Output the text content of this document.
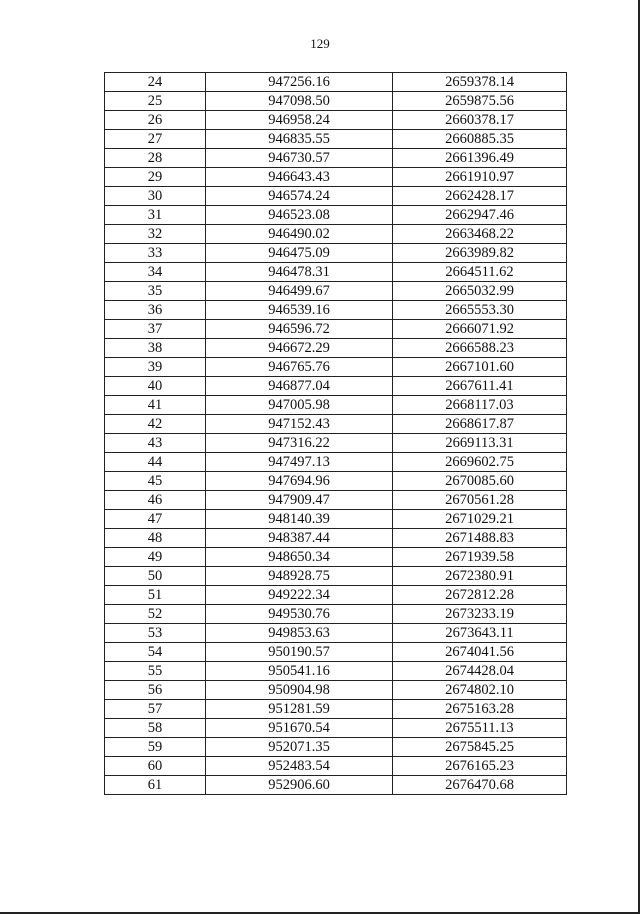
129
24	947256.16	2659378.14
25	947098.50	2659875.56
26	946958.24	2660378.17
27	946835.55	2660885.35
28	946730.57	2661396.49
29	946643.43	2661910.97
30	946574.24	2662428.17
31	946523.08	2662947.46
32	946490.02	2663468.22
33	946475.09	2663989.82
34	946478.31	2664511.62
35	946499.67	2665032.99
36	946539.16	2665553.30
37	946596.72	2666071.92
38	946672.29	2666588.23
39	946765.76	2667101.60
40	946877.04	2667611.41
41	947005.98	2668117.03
42	947152.43	2668617.87
43	947316.22	2669113.31
44	947497.13	2669602.75
45	947694.96	2670085.60
46	947909.47	2670561.28
47	948140.39	2671029.21
48	948387.44	2671488.83
49	948650.34	2671939.58
50	948928.75	2672380.91
51	949222.34	2672812.28
52	949530.76	2673233.19
53	949853.63	2673643.11
54	950190.57	2674041.56
55	950541.16	2674428.04
56	950904.98	2674802.10
57	951281.59	2675163.28
58	951670.54	2675511.13
59	952071.35	2675845.25
60	952483.54	2676165.23
61	952906.60	2676470.68
